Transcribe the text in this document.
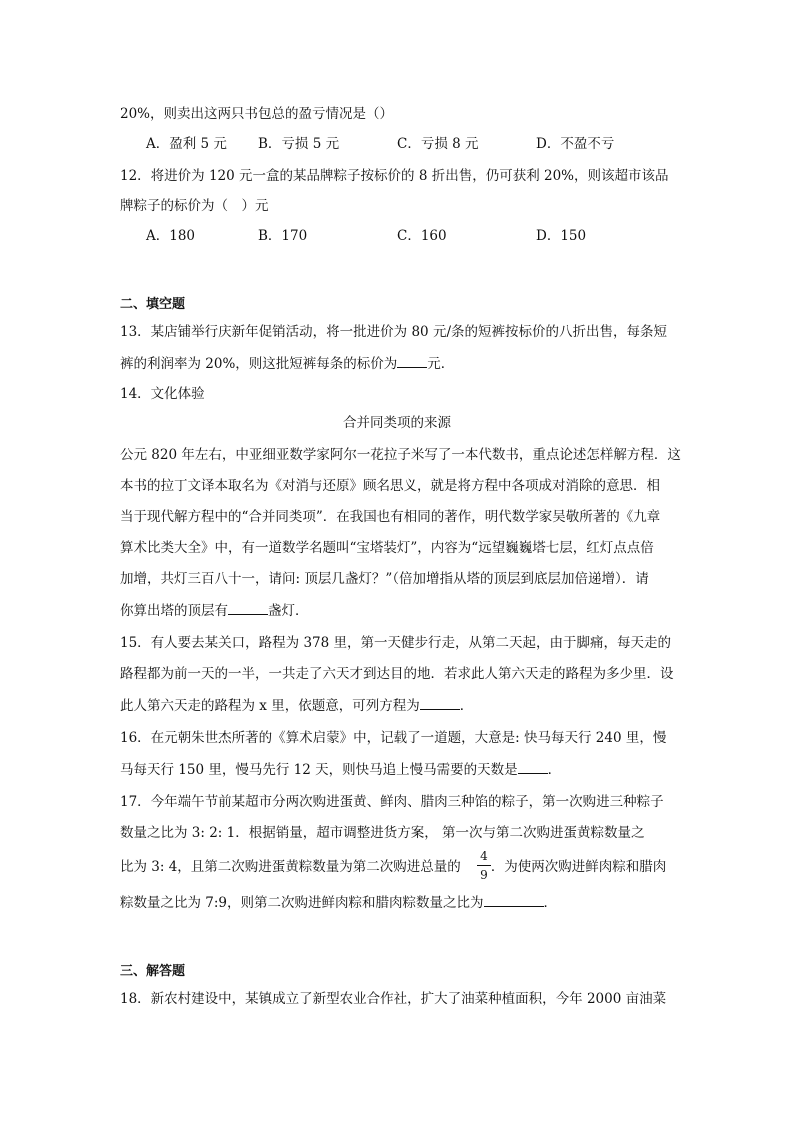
20%，则卖出这两只书包总的盈亏情况是（）
A．盈利 5 元 B．亏损 5 元	C．亏损 8 元	D．不盈不亏
12．将进价为 120 元一盒的某品牌粽子按标价的 8 折出售，仍可获利 20%，则该超市该品
牌粽子的标价为（　）元
A．180	B．170	C．160	D．150
二、填空题
13．某店铺举行庆新年促销活动，将一批进价为 80 元/条的短裤按标价的八折出售，每条短
裤的利润率为 20%，则这批短裤每条的标价为 元．
14．文化体验
合并同类项的来源
公元 820 年左右，中亚细亚数学家阿尔一花拉子米写了一本代数书，重点论述怎样解方程．这
本书的拉丁文译本取名为《对消与还原》顾名思义，就是将方程中各项成对消除的意思．相
当于现代解方程中的“合并同类项”．在我国也有相同的著作，明代数学家吴敬所著的《九章
算术比类大全》中，有一道数学名题叫“宝塔装灯”，内容为“远望巍巍塔七层，红灯点点倍
加增，共灯三百八十一，请问: 顶层几盏灯？”（倍加增指从塔的顶层到底层加倍递增）．请
你算出塔的顶层有	盏灯．
15．有人要去某关口，路程为 378 里，第一天健步行走，从第二天起，由于脚痛，每天走的
路程都为前一天的一半，一共走了六天才到达目的地．若求此人第六天走的路程为多少里．设
此人第六天走的路程为 x 里，依题意，可列方程为	．
16．在元朝朱世杰所著的《算术启蒙》中，记载了一道题，大意是: 快马每天行 240 里，慢
马每天行 150 里，慢马先行 12 天，则快马追上慢马需要的天数是 ．
17．今年端午节前某超市分两次购进蛋黄、鲜肉、腊肉三种馅的粽子，第一次购进三种粽子
数量之比为 3: 2: 1．根据销量，超市调整进货方案， 第一次与第二次购进蛋黄粽数量之
比为 3: 4，且第二次购进蛋黄粽数量为第二次购进总量的 ．为使两次购进鲜肉粽和腊肉
4
9
粽数量之比为 7:9，则第二次购进鲜肉粽和腊肉粽数量之比为	．
三、解答题
18．新农村建设中，某镇成立了新型农业合作社，扩大了油菜种植面积，今年 2000 亩油菜
